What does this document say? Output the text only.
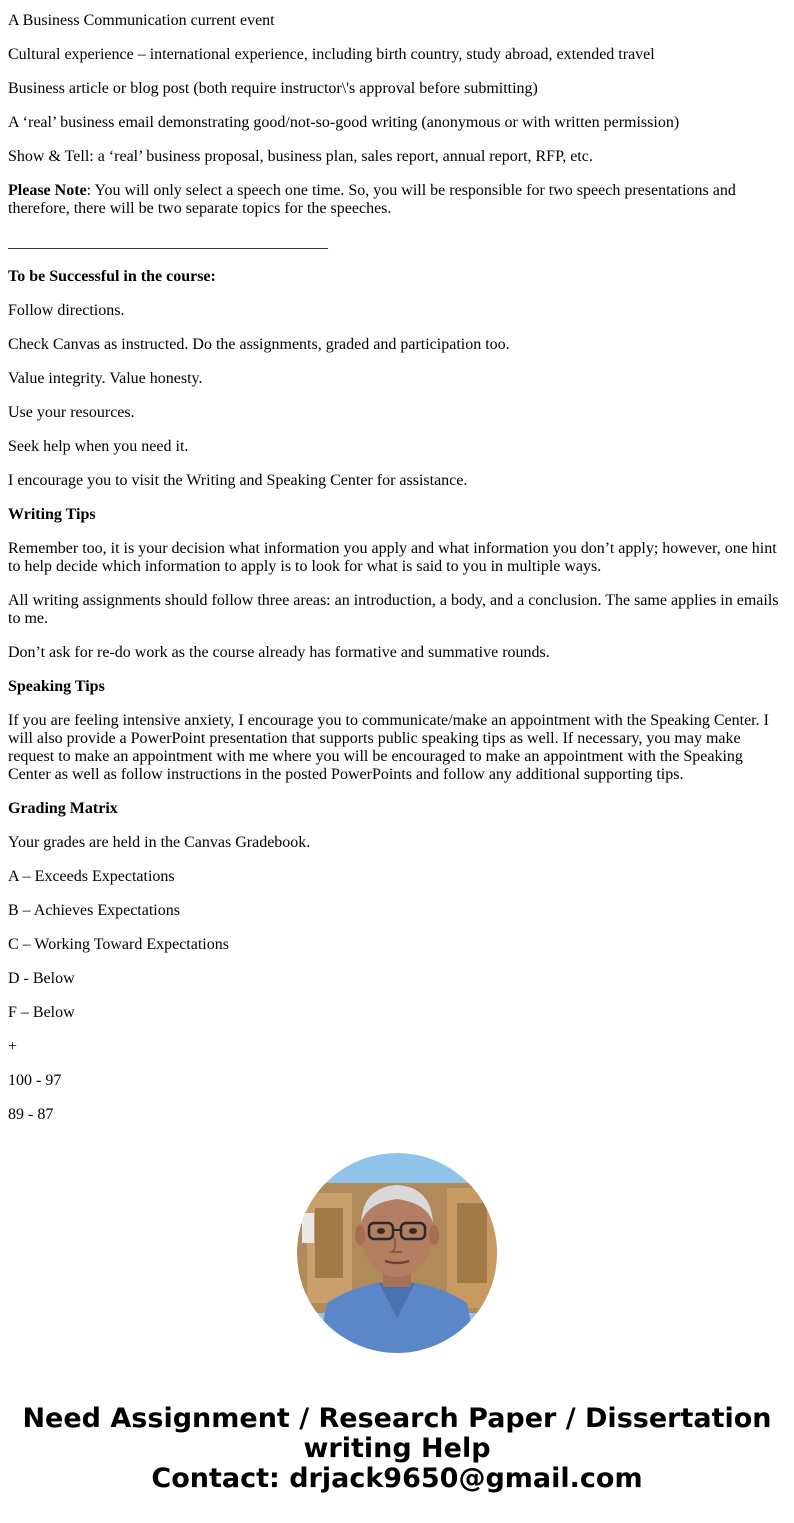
A Business Communication current event

Cultural experience – international experience, including birth country, study abroad, extended travel

Business article or blog post (both require instructor\'s approval before submitting)

A ‘real’ business email demonstrating good/not-so-good writing (anonymous or with written permission)

Show & Tell: a ‘real’ business proposal, business plan, sales report, annual report, RFP, etc.

Please Note: You will only select a speech one time. So, you will be responsible for two speech presentations and therefore, there will be two separate topics for the speeches.

________________________________________

To be Successful in the course:

Follow directions.

Check Canvas as instructed. Do the assignments, graded and participation too.

Value integrity. Value honesty.

Use your resources.

Seek help when you need it.

I encourage you to visit the Writing and Speaking Center for assistance.

Writing Tips

Remember too, it is your decision what information you apply and what information you don’t apply; however, one hint to help decide which information to apply is to look for what is said to you in multiple ways.

All writing assignments should follow three areas: an introduction, a body, and a conclusion. The same applies in emails to me.

Don’t ask for re-do work as the course already has formative and summative rounds.

Speaking Tips

If you are feeling intensive anxiety, I encourage you to communicate/make an appointment with the Speaking Center. I will also provide a PowerPoint presentation that supports public speaking tips as well. If necessary, you may make request to make an appointment with me where you will be encouraged to make an appointment with the Speaking Center as well as follow instructions in the posted PowerPoints and follow any additional supporting tips.

Grading Matrix

Your grades are held in the Canvas Gradebook.

A – Exceeds Expectations

B – Achieves Expectations

C – Working Toward Expectations

D - Below

F – Below

+

100 - 97

89 - 87

Need Assignment / Research Paper / Dissertation
writing Help
Contact: drjack9650@gmail.com
